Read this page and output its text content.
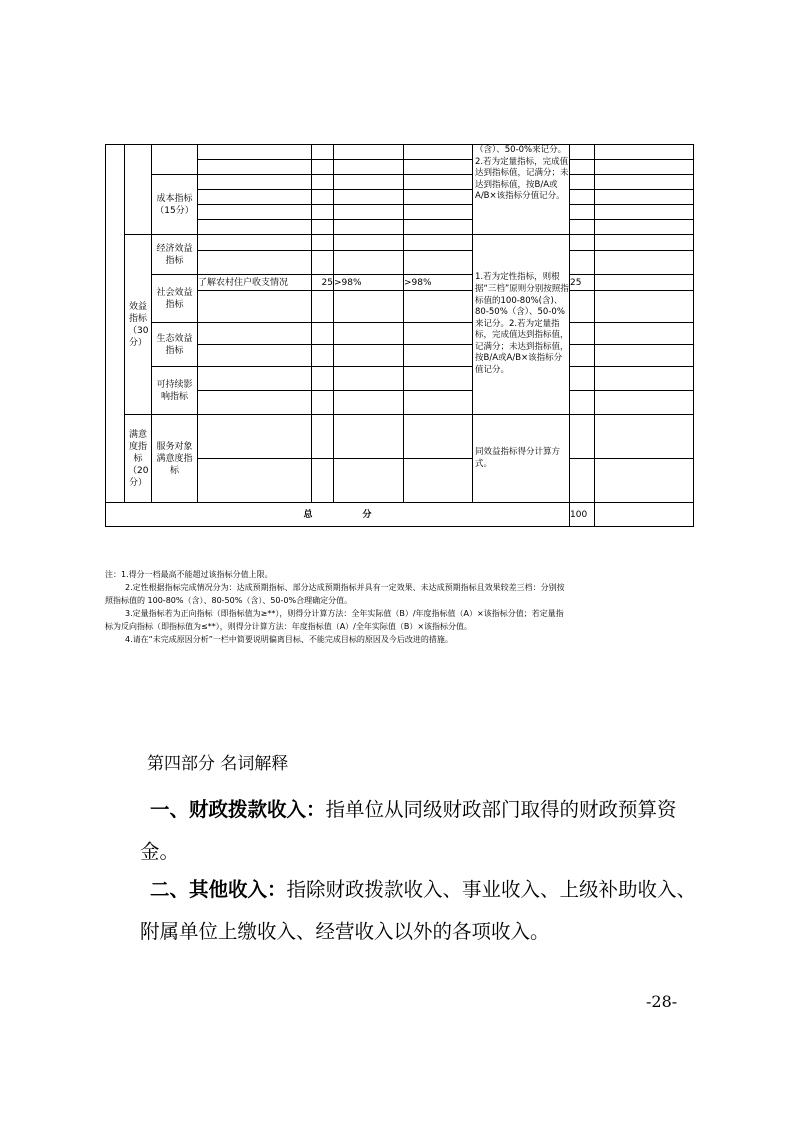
							（含）、50-0%来记分。2.若为定量指标，完成值达到指标值，记满分；未达到指标值，按B/A或A/B×该指标分值记分。		

		成本指标（15分）							

	效益指标（30分）	经济效益指标					1.若为定性指标，则根据“三档”原则分别按照指标值的100-80%(含)、80-50%（含）、50-0%来记分。2.若为定量指标，完成值达到指标值，记满分；未达到指标值，按B/A或A/B×该指标分值记分。		

		社会效益指标	了解农村住户收支情况	25	>98%	>98%		25	

		生态效益指标							

		可持续影响指标							

	满意度指标（20分）	服务对象满意度指标					同效益指标得分计算方式。		

总 分								100	

注：1.得分一档最高不能超过该指标分值上限。

2.定性根据指标完成情况分为：达成预期指标、部分达成预期指标并具有一定效果、未达成预期指标且效果较差三档：分别按

照指标值的 100-80%（含）、80-50%（含）、50-0%合理确定分值。

3.定量指标若为正向指标（即指标值为≥**），则得分计算方法：全年实际值（B）/年度指标值（A）×该指标分值；若定量指

标为反向指标（即指标值为≤**），则得分计算方法：年度指标值（A）/全年实际值（B）×该指标分值。

4.请在“未完成原因分析”一栏中简要说明偏离目标、不能完成目标的原因及今后改进的措施。

第四部分 名词解释
一、财政拨款收入：指单位从同级财政部门取得的财政预算资金。
二、其他收入：指除财政拨款收入、事业收入、上级补助收入、附属单位上缴收入、经营收入以外的各项收入。
-28-
